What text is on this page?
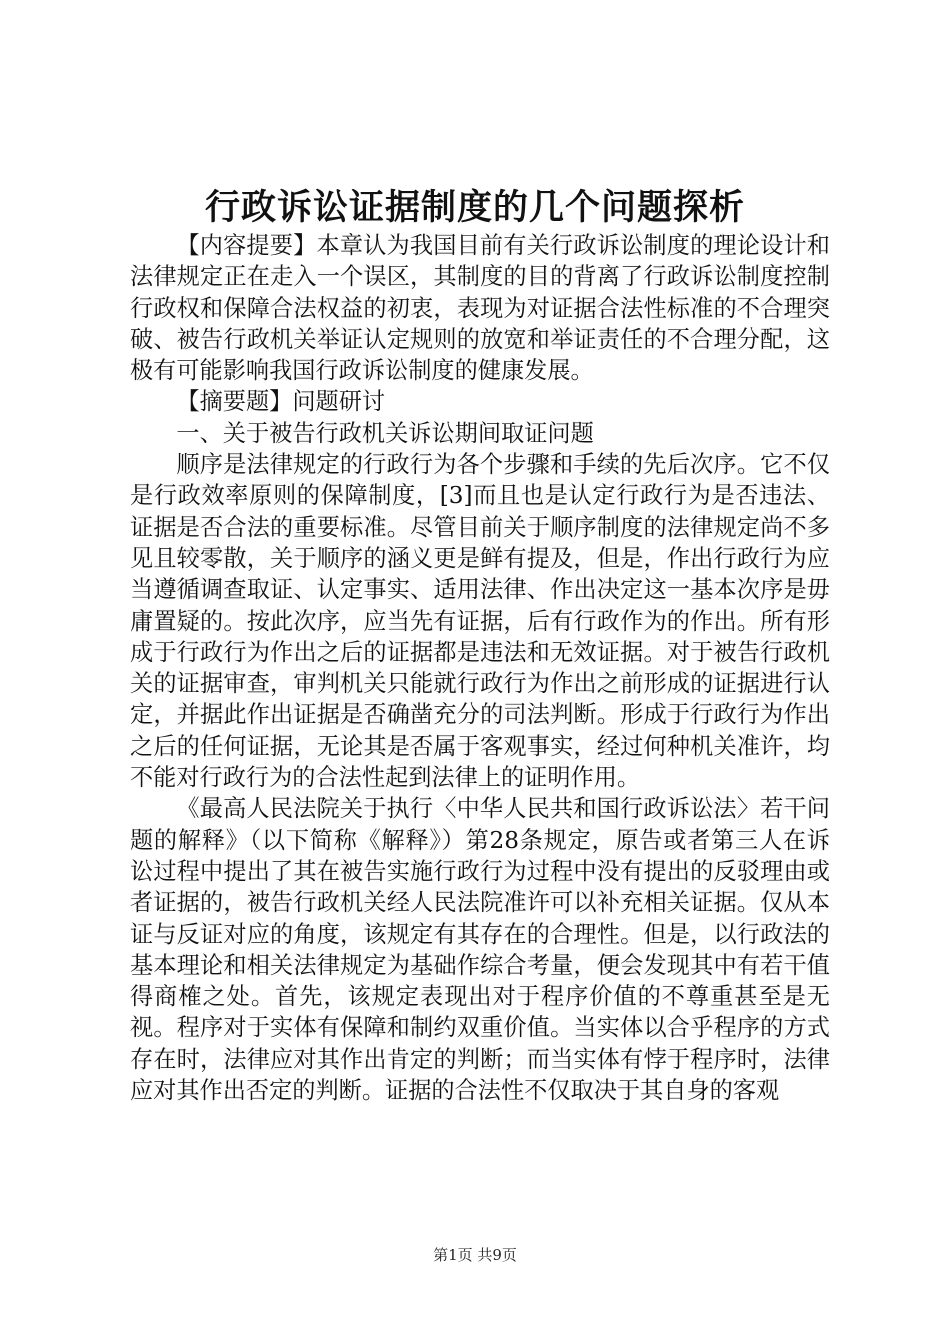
行政诉讼证据制度的几个问题探析

【内容提要】本章认为我国目前有关行政诉讼制度的理论设计和法律规定正在走入一个误区，其制度的目的背离了行政诉讼制度控制行政权和保障合法权益的初衷，表现为对证据合法性标准的不合理突破、被告行政机关举证认定规则的放宽和举证责任的不合理分配，这极有可能影响我国行政诉讼制度的健康发展。

【摘要题】问题研讨

一、关于被告行政机关诉讼期间取证问题

顺序是法律规定的行政行为各个步骤和手续的先后次序。它不仅是行政效率原则的保障制度，[3]而且也是认定行政行为是否违法、证据是否合法的重要标准。尽管目前关于顺序制度的法律规定尚不多见且较零散，关于顺序的涵义更是鲜有提及，但是，作出行政行为应当遵循调查取证、认定事实、适用法律、作出决定这一基本次序是毋庸置疑的。按此次序，应当先有证据，后有行政作为的作出。所有形成于行政行为作出之后的证据都是违法和无效证据。对于被告行政机关的证据审查，审判机关只能就行政行为作出之前形成的证据进行认定，并据此作出证据是否确凿充分的司法判断。形成于行政行为作出之后的任何证据，无论其是否属于客观事实，经过何种机关准许，均不能对行政行为的合法性起到法律上的证明作用。

《最高人民法院关于执行〈中华人民共和国行政诉讼法〉若干问题的解释》（以下简称《解释》）第28条规定，原告或者第三人在诉讼过程中提出了其在被告实施行政行为过程中没有提出的反驳理由或者证据的，被告行政机关经人民法院准许可以补充相关证据。仅从本证与反证对应的角度，该规定有其存在的合理性。但是，以行政法的基本理论和相关法律规定为基础作综合考量，便会发现其中有若干值得商榷之处。首先，该规定表现出对于程序价值的不尊重甚至是无视。程序对于实体有保障和制约双重价值。当实体以合乎程序的方式存在时，法律应对其作出肯定的判断；而当实体有悖于程序时，法律应对其作出否定的判断。证据的合法性不仅取决于其自身的客观

第1页 共9页
